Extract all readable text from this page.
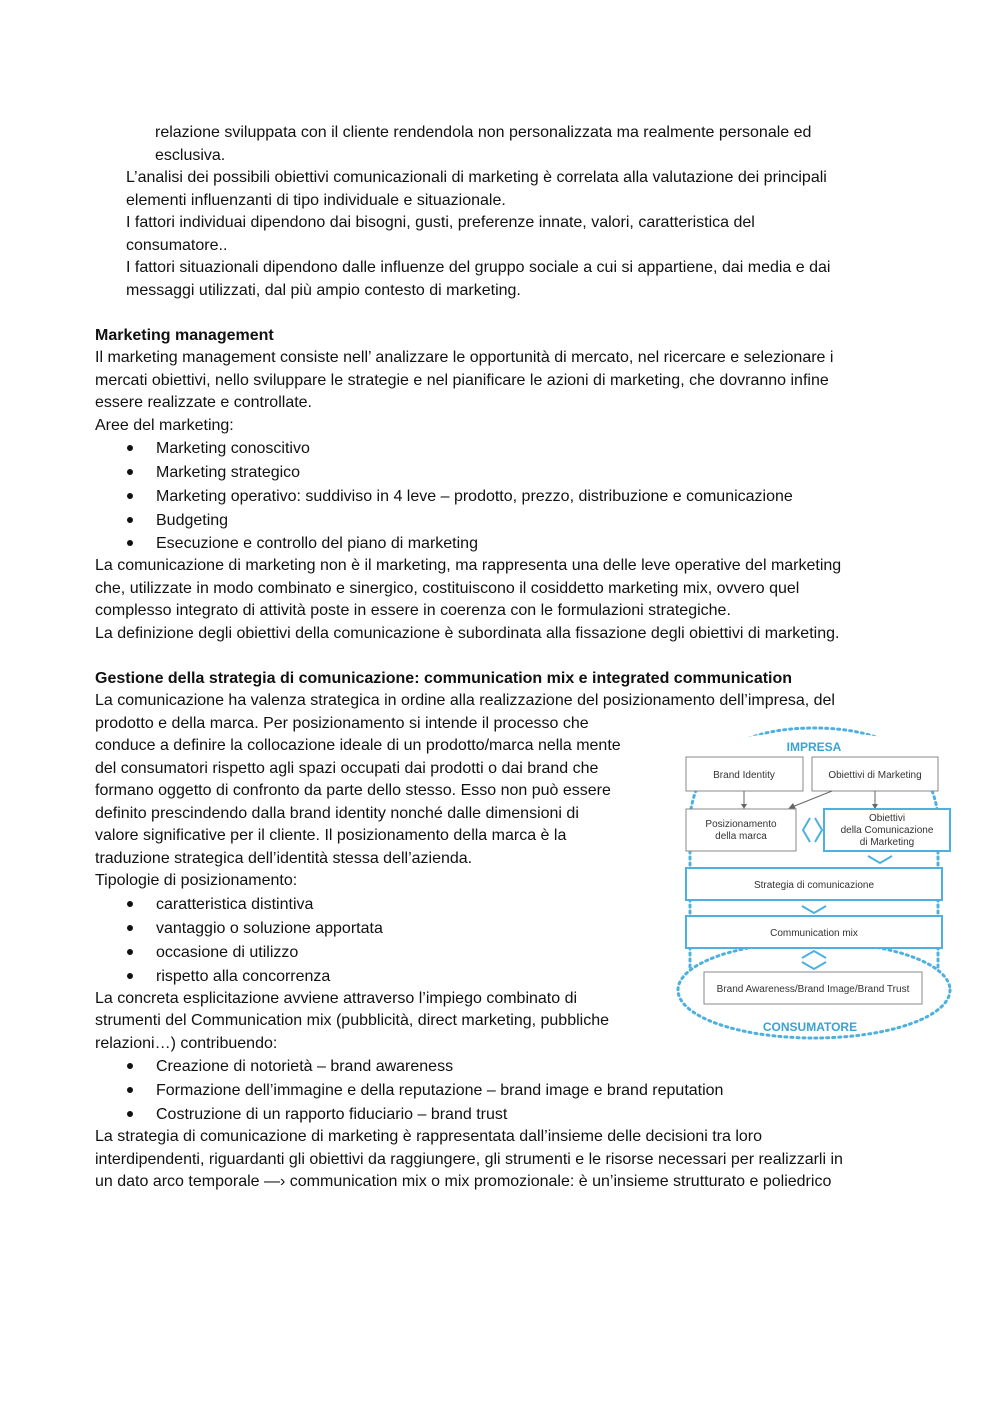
relazione sviluppata con il cliente rendendola non personalizzata ma realmente personale ed
esclusiva.
L’analisi dei possibili obiettivi comunicazionali di marketing è correlata alla valutazione dei principali
elementi influenzanti di tipo individuale e situazionale.
I fattori individuai dipendono dai bisogni, gusti, preferenze innate, valori, caratteristica del
consumatore..
I fattori situazionali dipendono dalle influenze del gruppo sociale a cui si appartiene, dai media e dai
messaggi utilizzati, dal più ampio contesto di marketing.
Marketing management
Il marketing management consiste nell’ analizzare le opportunità di mercato, nel ricercare e selezionare i
mercati obiettivi, nello sviluppare le strategie e nel pianificare le azioni di marketing, che dovranno infine
essere realizzate e controllate.
Aree del marketing:
Marketing conoscitivo
Marketing strategico
Marketing operativo: suddiviso in 4 leve – prodotto, prezzo, distribuzione e comunicazione
Budgeting
Esecuzione e controllo del piano di marketing
La comunicazione di marketing non è il marketing, ma rappresenta una delle leve operative del marketing
che, utilizzate in modo combinato e sinergico, costituiscono il cosiddetto marketing mix, ovvero quel
complesso integrato di attività poste in essere in coerenza con le formulazioni strategiche.
La definizione degli obiettivi della comunicazione è subordinata alla fissazione degli obiettivi di marketing.
Gestione della strategia di comunicazione: communication mix e integrated communication
La comunicazione ha valenza strategica in ordine alla realizzazione del posizionamento dell’impresa, del
prodotto e della marca. Per posizionamento si intende il processo che
conduce a definire la collocazione ideale di un prodotto/marca nella mente
del consumatori rispetto agli spazi occupati dai prodotti o dai brand che
formano oggetto di confronto da parte dello stesso. Esso non può essere
definito prescindendo dalla brand identity nonché dalle dimensioni di
valore significative per il cliente. Il posizionamento della marca è la
traduzione strategica dell’identità stessa dell’azienda.
Tipologie di posizionamento:
caratteristica distintiva
vantaggio o soluzione apportata
occasione di utilizzo
rispetto alla concorrenza
La concreta esplicitazione avviene attraverso l’impiego combinato di
strumenti del Communication mix (pubblicità, direct marketing, pubbliche
relazioni…) contribuendo:
Creazione di notorietà – brand awareness
Formazione dell’immagine e della reputazione – brand image e brand reputation
Costruzione di un rapporto fiduciario – brand trust
La strategia di comunicazione di marketing è rappresentata dall’insieme delle decisioni tra loro
interdipendenti, riguardanti gli obiettivi da raggiungere, gli strumenti e le risorse necessari per realizzarli in
un dato arco temporale —› communication mix o mix promozionale: è un’insieme strutturato e poliedrico
IMPRESA
CONSUMATORE
Brand Identity	Obiettivi di Marketing
Posizionamento
della marca
Obiettivi
della Comunicazione
di Marketing
Strategia di comunicazione
Communication mix
Brand Awareness/Brand Image/Brand Trust
